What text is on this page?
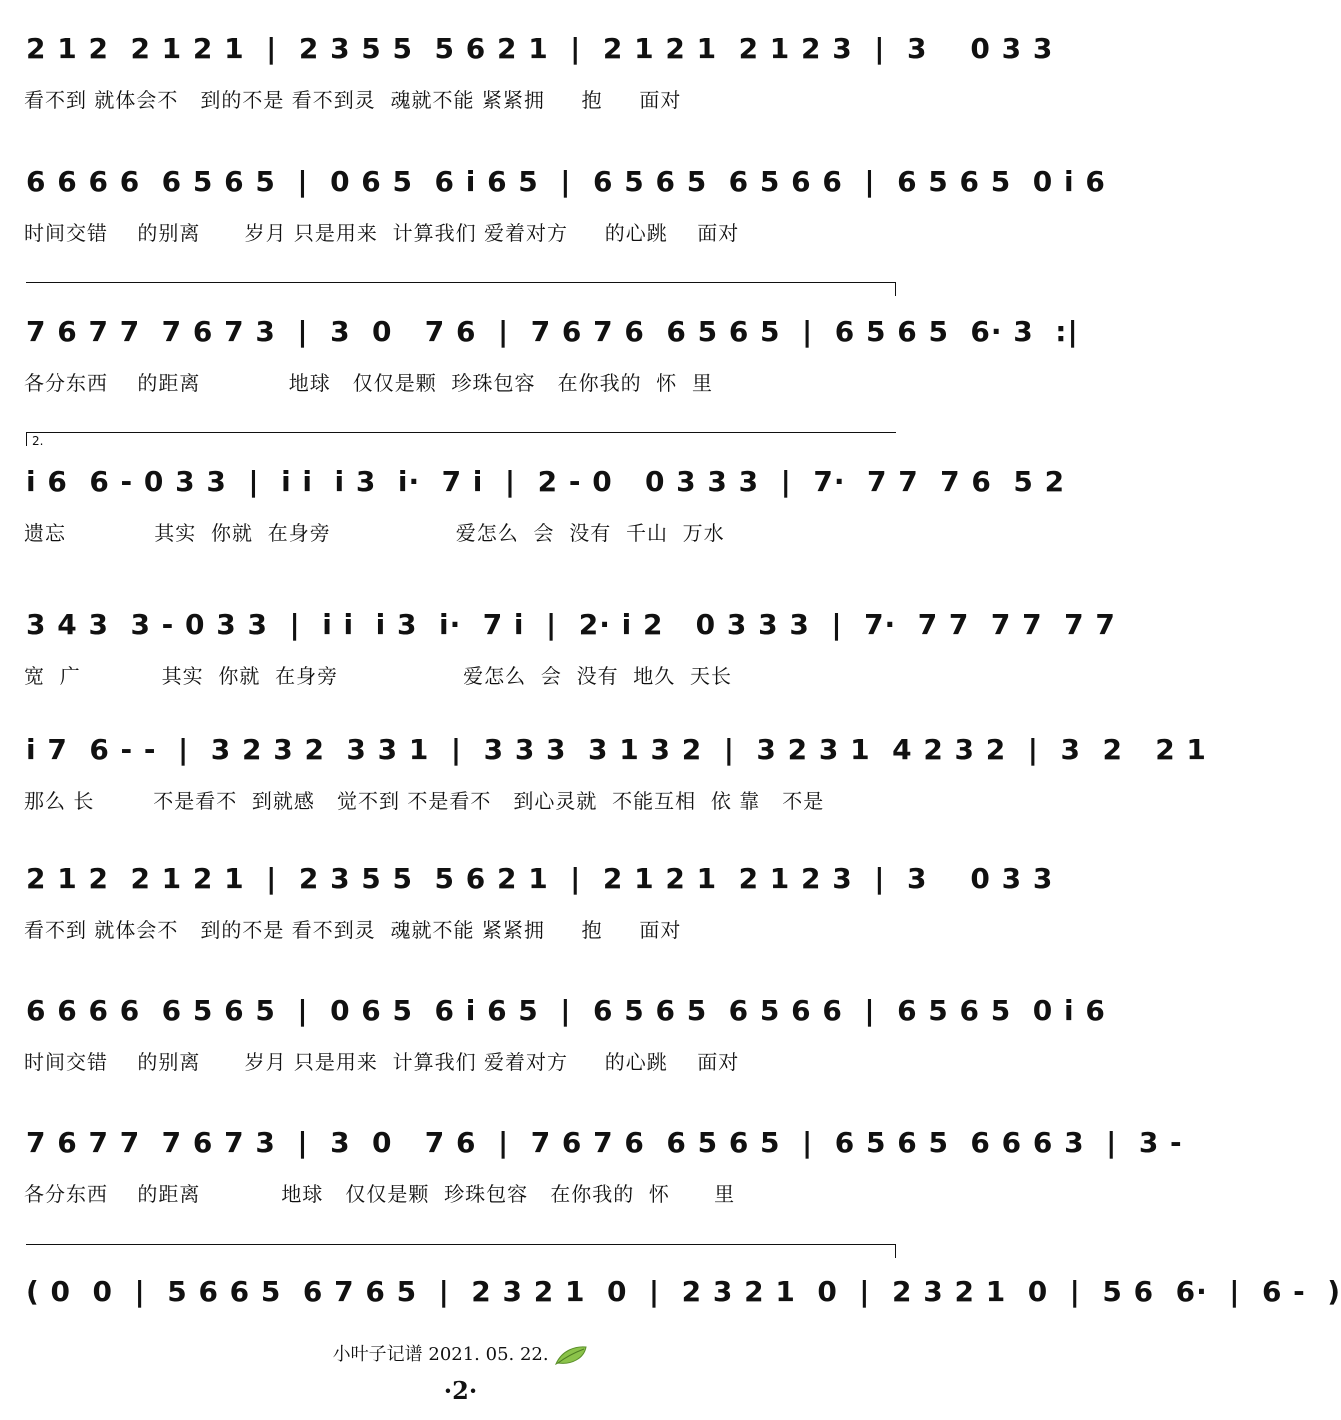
2 1 2  2 1 2 1  |  2 3 5 5  5 6 2 1  |  2 1 2 1  2 1 2 3  |  3    0 3 3
看不到 就体会不   到的不是 看不到灵  魂就不能 紧紧拥     抱     面对
6 6 6 6  6 5 6 5  |  0 6 5  6 i 6 5  |  6 5 6 5  6 5 6 6  |  6 5 6 5  0 i 6
时间交错    的别离      岁月 只是用来  计算我们 爱着对方     的心跳    面对
7 6 7 7  7 6 7 3  |  3  0   7 6  |  7 6 7 6  6 5 6 5  |  6 5 6 5  6· 3  :|
各分东西    的距离            地球   仅仅是颗  珍珠包容   在你我的  怀  里
2.
i 6  6 - 0 3 3  |  i i  i 3  i·  7 i  |  2 - 0   0 3 3 3  |  7·  7 7  7 6  5 2
遗忘            其实  你就  在身旁                 爱怎么  会  没有  千山  万水
3 4 3  3 - 0 3 3  |  i i  i 3  i·  7 i  |  2· i 2   0 3 3 3  |  7·  7 7  7 7  7 7
宽  广           其实  你就  在身旁                 爱怎么  会  没有  地久  天长
i 7  6 - -  |  3 2 3 2  3 3 1  |  3 3 3  3 1 3 2  |  3 2 3 1  4 2 3 2  |  3  2   2 1
那么 长        不是看不  到就感   觉不到 不是看不   到心灵就  不能互相  依 靠   不是
2 1 2  2 1 2 1  |  2 3 5 5  5 6 2 1  |  2 1 2 1  2 1 2 3  |  3    0 3 3
看不到 就体会不   到的不是 看不到灵  魂就不能 紧紧拥     抱     面对
6 6 6 6  6 5 6 5  |  0 6 5  6 i 6 5  |  6 5 6 5  6 5 6 6  |  6 5 6 5  0 i 6
时间交错    的别离      岁月 只是用来  计算我们 爱着对方     的心跳    面对
7 6 7 7  7 6 7 3  |  3  0   7 6  |  7 6 7 6  6 5 6 5  |  6 5 6 5  6 6 6 3  |  3 -
各分东西    的距离           地球   仅仅是颗  珍珠包容   在你我的  怀      里
( 0  0  |  5 6 6 5  6 7 6 5  |  2 3 2 1  0  |  2 3 2 1  0  |  2 3 2 1  0  |  5 6  6·  |  6 -  )
小叶子记谱 2021. 05. 22.
·2·
